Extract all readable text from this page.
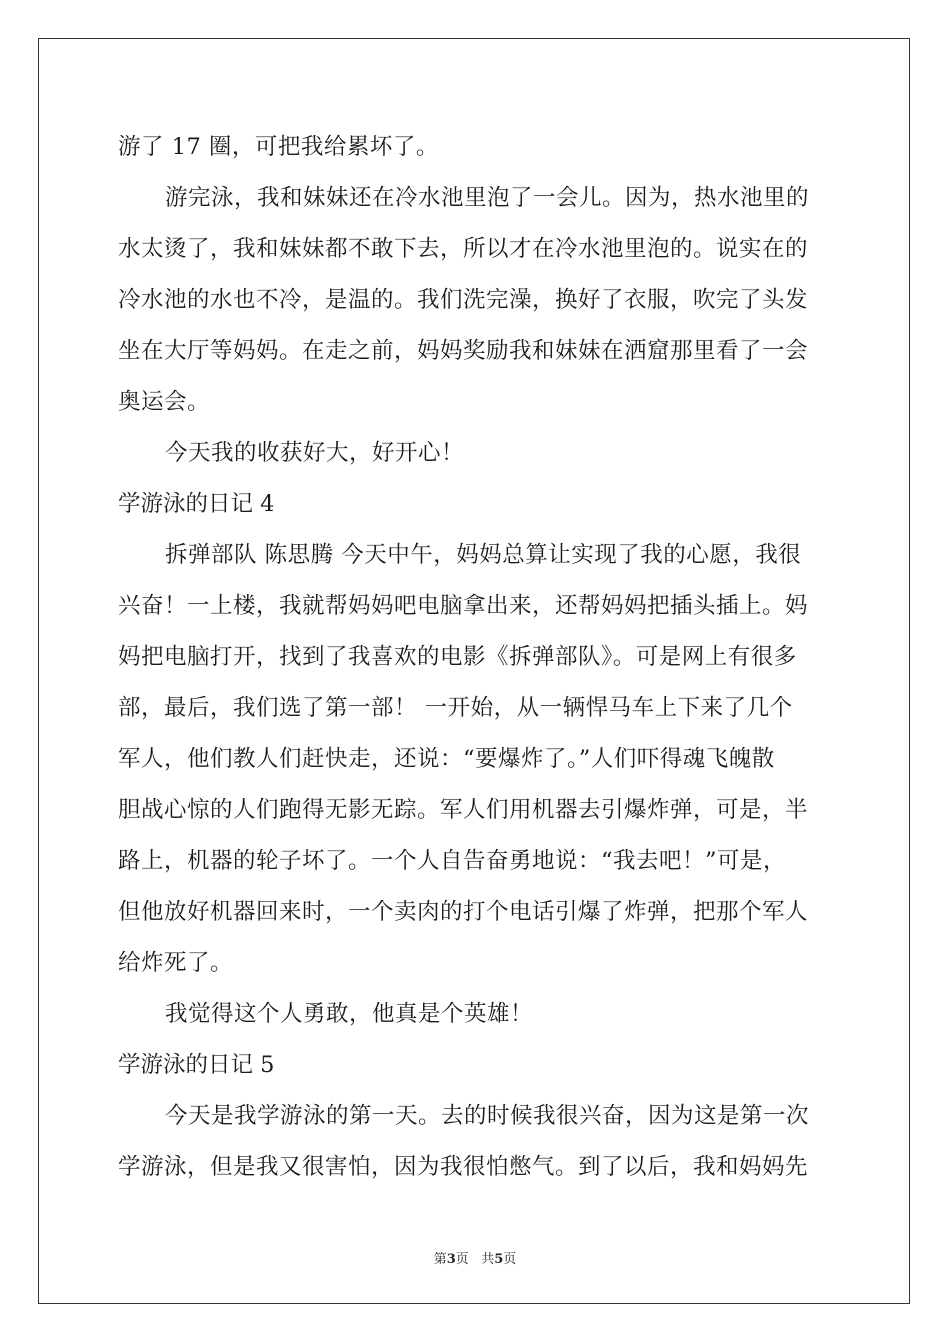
游了 17 圈，可把我给累坏了。
游完泳，我和妹妹还在冷水池里泡了一会儿。因为，热水池里的
水太烫了，我和妹妹都不敢下去，所以才在冷水池里泡的。说实在的
冷水池的水也不冷，是温的。我们洗完澡，换好了衣服，吹完了头发
坐在大厅等妈妈。在走之前，妈妈奖励我和妹妹在洒窟那里看了一会
奥运会。
今天我的收获好大，好开心！
学游泳的日记 4
拆弹部队 陈思腾 今天中午，妈妈总算让实现了我的心愿，我很
兴奋！一上楼，我就帮妈妈吧电脑拿出来，还帮妈妈把插头插上。妈
妈把电脑打开，找到了我喜欢的电影《拆弹部队》。可是网上有很多
部，最后，我们选了第一部！ 一开始，从一辆悍马车上下来了几个
军人，他们教人们赶快走，还说：“要爆炸了。”人们吓得魂飞魄散
胆战心惊的人们跑得无影无踪。军人们用机器去引爆炸弹，可是，半
路上，机器的轮子坏了。一个人自告奋勇地说：“我去吧！”可是，
但他放好机器回来时，一个卖肉的打个电话引爆了炸弹，把那个军人
给炸死了。
我觉得这个人勇敢，他真是个英雄！
学游泳的日记 5
今天是我学游泳的第一天。去的时候我很兴奋，因为这是第一次
学游泳，但是我又很害怕，因为我很怕憋气。到了以后，我和妈妈先
第3页 共5页
